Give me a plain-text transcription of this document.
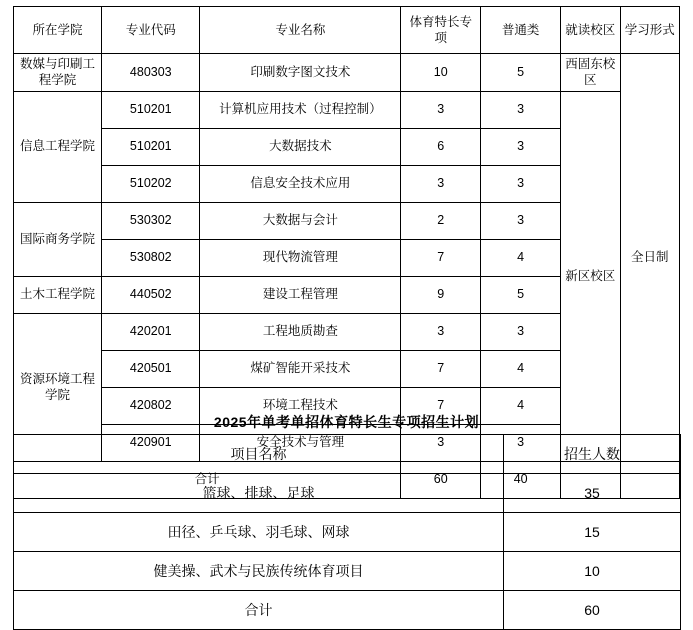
所在学院	专业代码	专业名称	体育特长专项	普通类	就读校区	学习形式
数媒与印刷工程学院	480303	印刷数字图文技术	10	5	西固东校区	全日制
信息工程学院	510201	计算机应用技术（过程控制）	3	3	新区校区	
	510201	大数据技术	6	3		
	510202	信息安全技术应用	3	3		
国际商务学院	530302	大数据与会计	2	3		
	530802	现代物流管理	7	4		
土木工程学院	440502	建设工程管理	9	5		
资源环境工程学院	420201	工程地质勘查	3	3		
	420501	煤矿智能开采技术	7	4		
	420802	环境工程技术	7	4		
	420901	安全技术与管理	3	3		
合计			60	40		
2025年单考单招体育特长生专项招生计划
项目名称	招生人数
篮球、排球、足球	35
田径、乒乓球、羽毛球、网球	15
健美操、武术与民族传统体育项目	10
合计	60
